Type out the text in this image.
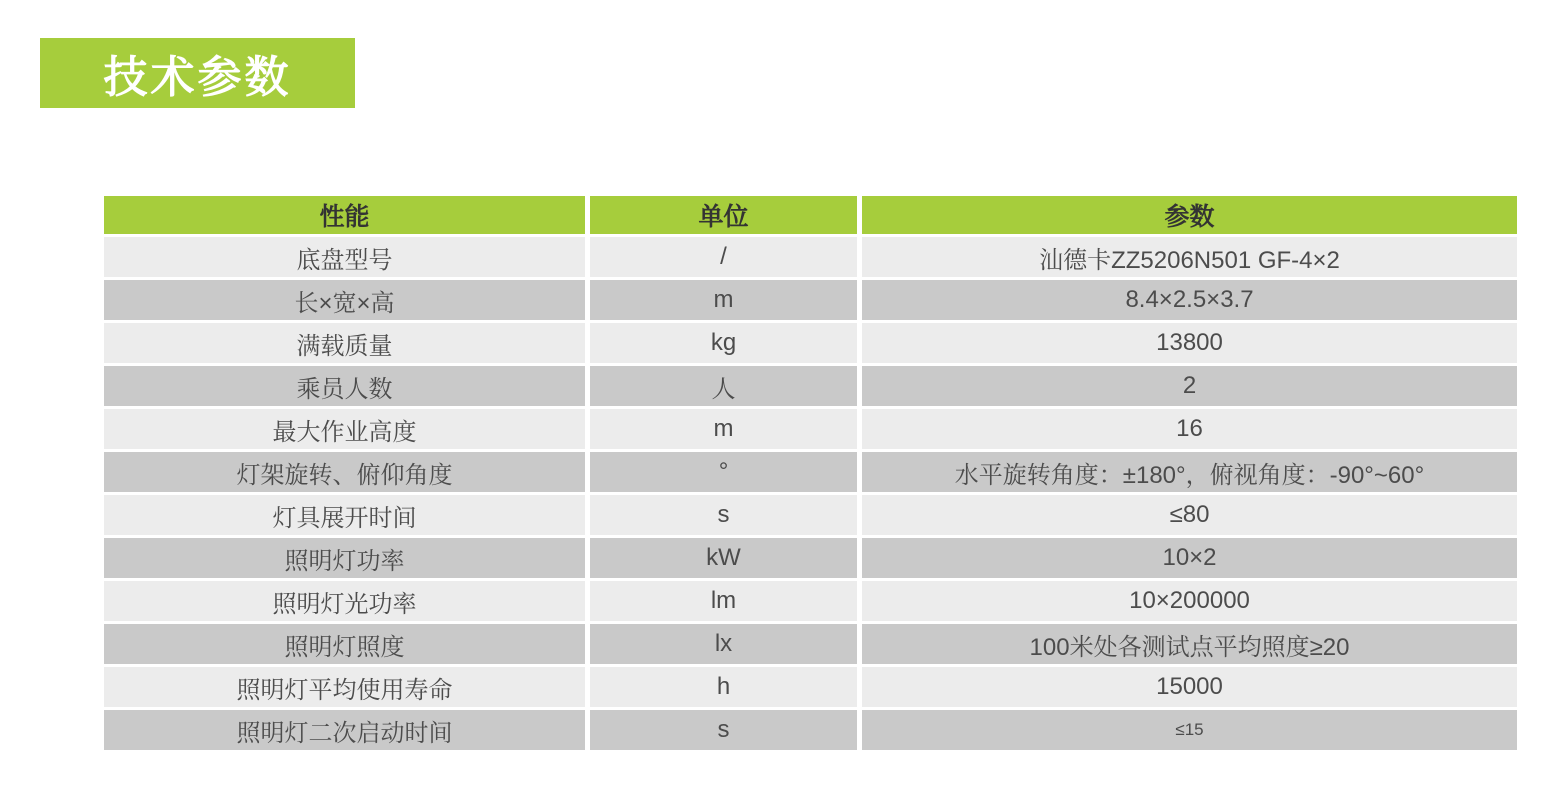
技术参数
性能	单位	参数
底盘型号	/	汕德卡ZZ5206N501 GF-4×2
长×宽×高	m	8.4×2.5×3.7
满载质量	kg	13800
乘员人数	人	2
最大作业高度	m	16
灯架旋转、俯仰角度	°	水平旋转角度：±180°，俯视角度：-90°~60°
灯具展开时间	s	≤80
照明灯功率	kW	10×2
照明灯光功率	lm	10×200000
照明灯照度	lx	100米处各测试点平均照度≥20
照明灯平均使用寿命	h	15000
照明灯二次启动时间	s	≤15
